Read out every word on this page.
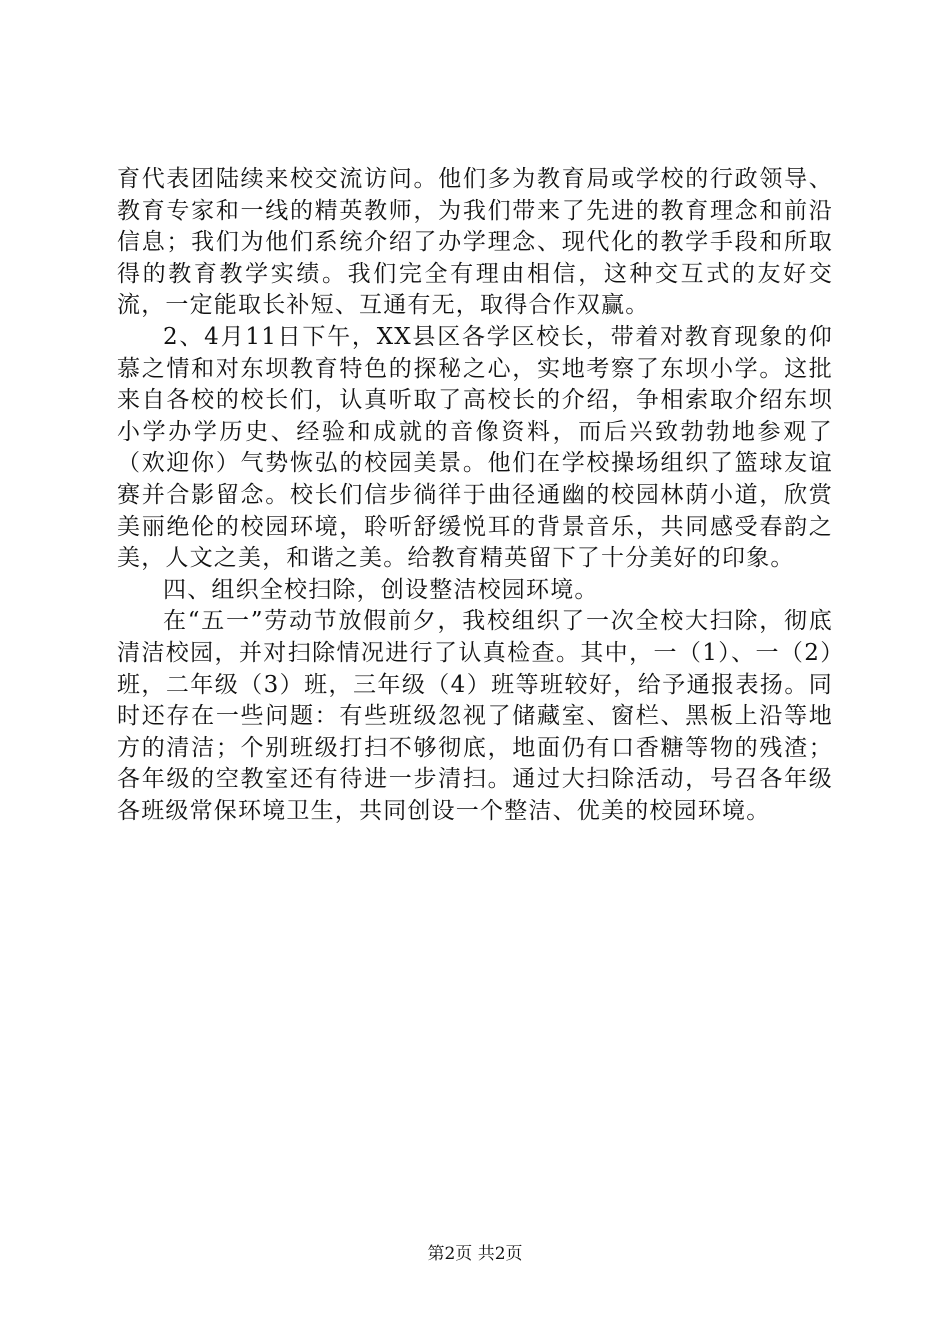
育代表团陆续来校交流访问。他们多为教育局或学校的行政领导、教育专家和一线的精英教师，为我们带来了先进的教育理念和前沿信息；我们为他们系统介绍了办学理念、现代化的教学手段和所取得的教育教学实绩。我们完全有理由相信，这种交互式的友好交流，一定能取长补短、互通有无，取得合作双赢。

2、4月11日下午，XX县区各学区校长，带着对教育现象的仰慕之情和对东坝教育特色的探秘之心，实地考察了东坝小学。这批来自各校的校长们，认真听取了高校长的介绍，争相索取介绍东坝小学办学历史、经验和成就的音像资料，而后兴致勃勃地参观了（欢迎你）气势恢弘的校园美景。他们在学校操场组织了篮球友谊赛并合影留念。校长们信步徜徉于曲径通幽的校园林荫小道，欣赏美丽绝伦的校园环境，聆听舒缓悦耳的背景音乐，共同感受春韵之美，人文之美，和谐之美。给教育精英留下了十分美好的印象。

四、组织全校扫除，创设整洁校园环境。

在“五一”劳动节放假前夕，我校组织了一次全校大扫除，彻底清洁校园，并对扫除情况进行了认真检查。其中，一（1）、一（2）班，二年级（3）班，三年级（4）班等班较好，给予通报表扬。同时还存在一些问题：有些班级忽视了储藏室、窗栏、黑板上沿等地方的清洁；个别班级打扫不够彻底，地面仍有口香糖等物的残渣；各年级的空教室还有待进一步清扫。通过大扫除活动，号召各年级各班级常保环境卫生，共同创设一个整洁、优美的校园环境。

第2页 共2页
